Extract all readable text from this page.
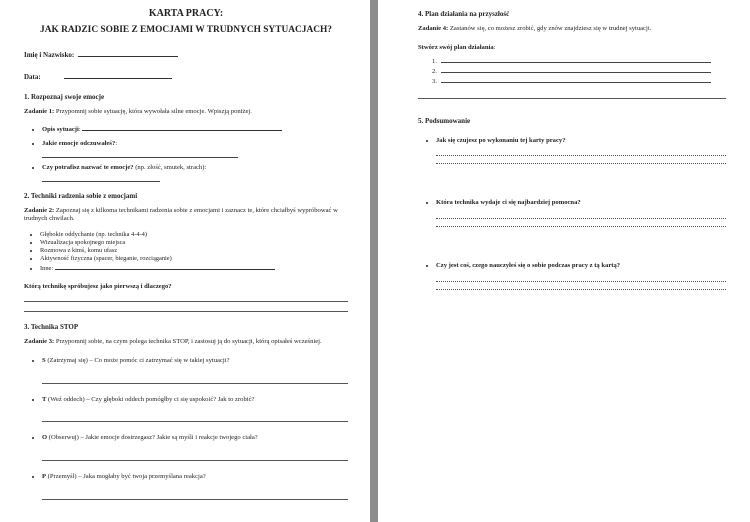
KARTA PRACY:
JAK RADZIC SOBIE Z EMOCJAMI W TRUDNYCH SYTUACJACH?
Imię i Nazwisko:
Data:
1. Rozpoznaj swoje emocje
Zadanie 1: Przypomnij sobie sytuację, która wywołała silne emocje. Wpiszją poniżej.
• Opis sytuacji:
• Jakie emocje odczuwałeś?:
• Czy potrafisz nazwać te emocje? (np. złość, smutek, strach):
2. Techniki radzenia sobie z emocjami
Zadanie 2: Zapoznaj się z kilkoma technikami radzenia sobie z emocjami i zaznacz te, które chciałbyś wypróbować w trudnych chwilach.
• Głębokie oddychanie (np. technika 4-4-4)
• Wizualizacja spokojnego miejsca
• Rozmowa z kimś, komu ufasz
• Aktywność fizyczna (spacer, bieganie, rozciąganie)
• Inne:
Którą technikę spróbujesz jako pierwszą i dlaczego?
3. Technika STOP
Zadanie 3: Przypomnij sobie, na czym polega technika STOP, i zastosuj ją do sytuacji, którą opisałeś wcześniej.
• S (Zatrzymaj się) – Co może pomóc ci zatrzymać się w takiej sytuacji?
• T (Weź oddech) – Czy głęboki oddech pomógłby ci się uspokoić? Jak to zrobić?
• O (Obserwuj) – Jakie emocje dostrzegasz? Jakie są myśli i reakcje twojego ciała?
• P (Przemyśl) – Jaka mogłaby być twoja przemyślana reakcja?
4. Plan działania na przyszłość
Zadanie 4: Zastanów się, co możesz zrobić, gdy znów znajdziesz się w trudnej sytuacji.
Stwórz swój plan działania:
1.
2.
3.
5. Podsumowanie
• Jak się czujesz po wykonaniu tej karty pracy?
• Która technika wydaje ci się najbardziej pomocna?
• Czy jest coś, czego nauczyłeś się o sobie podczas pracy z tą kartą?
